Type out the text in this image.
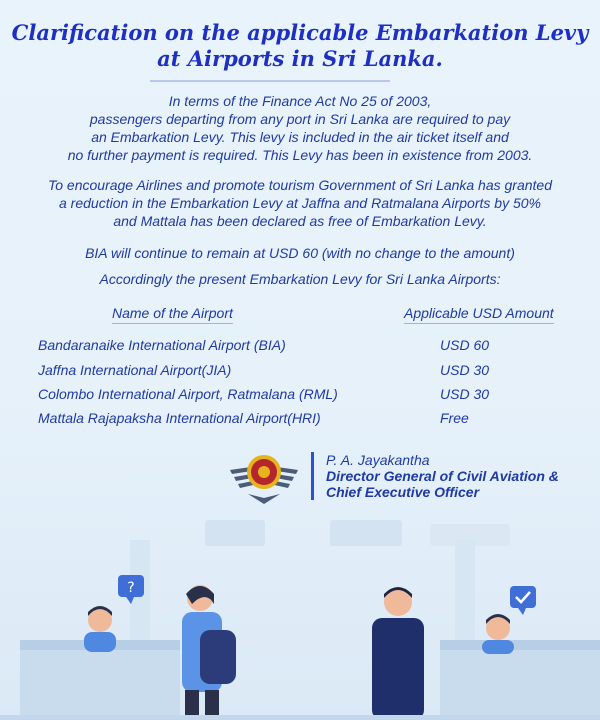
Clarification on the applicable Embarkation Levy
at Airports in Sri Lanka.
In terms of the Finance Act No 25 of 2003,
passengers departing from any port in Sri Lanka are required to pay
an Embarkation Levy. This levy is included in the air ticket itself and
no further payment is required. This Levy has been in existence from 2003.
To encourage Airlines and promote tourism Government of Sri Lanka has granted
a reduction in the Embarkation Levy at Jaffna and Ratmalana Airports by 50%
and Mattala has been declared as free of Embarkation Levy.
BIA will continue to remain at USD 60 (with no change to the amount)
Accordingly the present Embarkation Levy for Sri Lanka Airports:
Name of the Airport	Applicable USD Amount
Bandaranaike International Airport (BIA)	USD 60
Jaffna International Airport(JIA)	USD 30
Colombo International Airport, Ratmalana (RML)	USD 30
Mattala Rajapaksha International Airport(HRI)	Free
P. A. Jayakantha
Director General of Civil Aviation &
Chief Executive Officer
?
